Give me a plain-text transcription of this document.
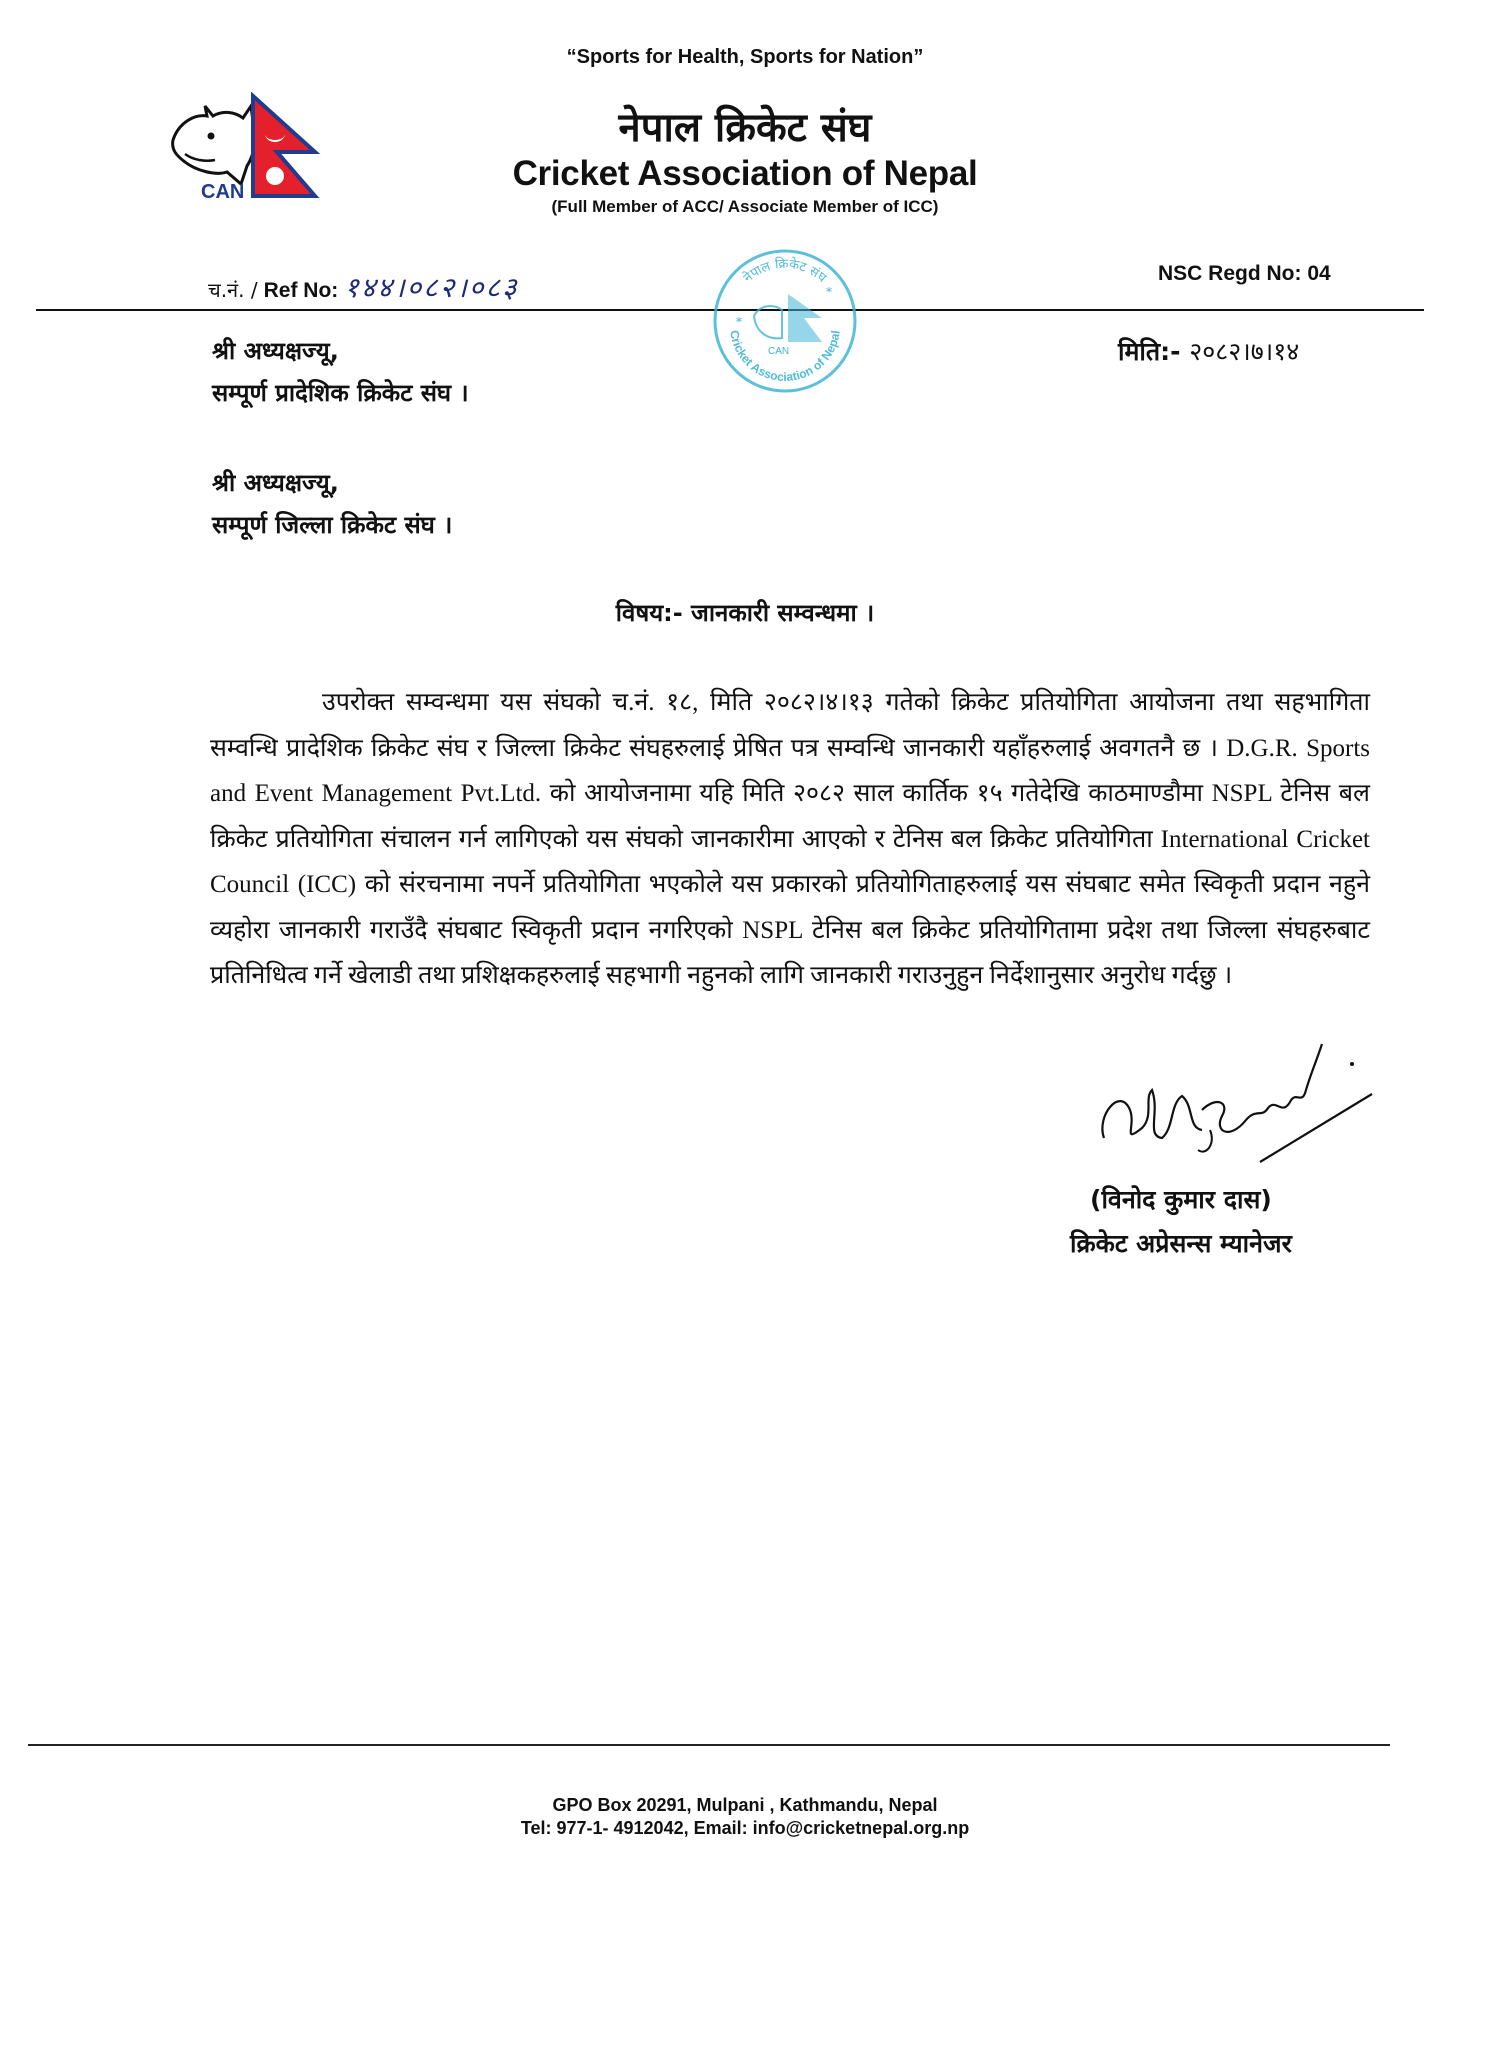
CAN
“Sports for Health, Sports for Nation”
नेपाल क्रिकेट संघ
Cricket Association of Nepal
(Full Member of ACC/ Associate Member of ICC)
च.नं. / Ref No: १४४।०८२।०८३	NSC Regd No: 04
नेपाल क्रिकेट संघ
Cricket Association of Nepal
CAN
*
*
श्री अध्यक्षज्यू,
सम्पूर्ण प्रादेशिक क्रिकेट संघ ।
मिति:- २०८२।७।१४
श्री अध्यक्षज्यू,
सम्पूर्ण जिल्ला क्रिकेट संघ ।
विषय:- जानकारी सम्वन्धमा ।
उपरोक्त सम्वन्धमा यस संघको च.नं. १८, मिति २०८२।४।१३ गतेको क्रिकेट प्रतियोगिता आयोजना तथा सहभागिता सम्वन्धि प्रादेशिक क्रिकेट संघ र जिल्ला क्रिकेट संघहरुलाई प्रेषित पत्र सम्वन्धि जानकारी यहाँहरुलाई अवगतनै छ । D.G.R. Sports and Event Management Pvt.Ltd. को आयोजनामा यहि मिति २०८२ साल कार्तिक १५ गतेदेखि काठमाण्डौमा NSPL टेनिस बल क्रिकेट प्रतियोगिता संचालन गर्न लागिएको यस संघको जानकारीमा आएको र टेनिस बल क्रिकेट प्रतियोगिता International Cricket Council (ICC) को संरचनामा नपर्ने प्रतियोगिता भएकोले यस प्रकारको प्रतियोगिताहरुलाई यस संघबाट समेत स्विकृती प्रदान नहुने व्यहोरा जानकारी गराउँदै संघबाट स्विकृती प्रदान नगरिएको NSPL टेनिस बल क्रिकेट प्रतियोगितामा प्रदेश तथा जिल्ला संघहरुबाट प्रतिनिधित्व गर्ने खेलाडी तथा प्रशिक्षकहरुलाई सहभागी नहुनको लागि जानकारी गराउनुहुन निर्देशानुसार अनुरोध गर्दछु ।
(विनोद कुमार दास)
क्रिकेट अप्रेसन्स म्यानेजर
GPO Box 20291, Mulpani , Kathmandu, Nepal
Tel: 977-1- 4912042, Email: info@cricketnepal.org.np
